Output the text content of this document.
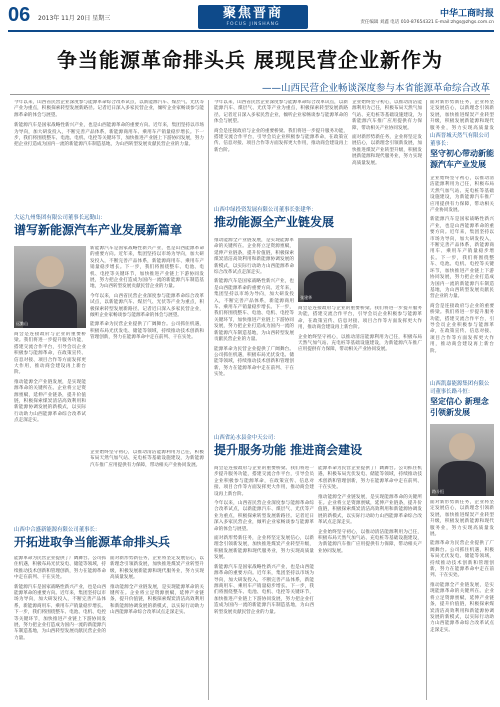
06 2013年 11月 20日 星期三	聚焦晋商
FOCUS JINSHANG
中华工商时报
责任编辑 刘鑫 电话 010-87654321 E-mail:zhgs@zhgs.com.cn
争当能源革命排头兵 展现民营企业新作为
——山西民营企业畅谈深度参与本省能源革命综合改革

今年以来，山西省民营企业深度参与能源革命综合改革试点，以新能源汽车、煤层气、光伏等产业为重点，积极探索转型发展新路径。记者近日深入多家民营企业，倾听企业家畅谈参与能源革命的体会与展望。

新能源汽车是国家战略性新兴产业，也是山西能源革命的重要方向。近年来，集团坚持以市场为导向，加大研发投入，不断完善产品体系，新能源商用车、乘用车产销量稳步增长。下一步，我们将围绕整车、电池、电机、电控等关键环节，加快推进产业链上下游协同发展，努力把企业打造成为国内一流的新能源汽车制造基地，为山西转型发展贡献民营企业的力量。

大运九州集团有限公司董事长远勤山：
谱写新能源汽车产业发展新篇章
远勤山

新能源汽车是国家战略性新兴产业，也是山西能源革命的重要方向。近年来，集团坚持以市场为导向，加大研发投入，不断完善产品体系，新能源商用车、乘用车产销量稳步增长。下一步，我们将围绕整车、电池、电机、电控等关键环节，加快推进产业链上下游协同发展，努力把企业打造成为国内一流的新能源汽车制造基地，为山西转型发展贡献民营企业的力量。

今年以来，山西省民营企业深度参与能源革命综合改革试点，以新能源汽车、煤层气、光伏等产业为重点，积极探索转型发展新路径。记者近日深入多家民营企业，倾听企业家畅谈参与能源革命的体会与展望。

能源革命为民营企业提供了广阔舞台。公司抓住机遇，积极布局光伏发电、储能等领域，持续推动技术创新和管理创新，努力在能源革命中走在前列、干在实处。

商会是连接政府与企业的重要桥梁。我们将进一步提升服务功能，搭建交流合作平台，引导会员企业积极参与能源革命，在政策宣传、信息对接、项目合作等方面发挥更大作用，推动商会建设再上新台阶。

推动能源全产业链发展，是实现能源革命的关键所在。企业将立足资源禀赋，延伸产业链条，提升价值链，积极探索煤炭清洁高效利用和新能源协调发展的新模式，以实际行动助力山西能源革命综合改革试点走深走实。

企业始终坚守初心，以推动清洁能源利用为己任，积极布局天然气加气站、充电桩等基础设施建设，为新能源汽车推广应用提供有力保障，带动相关产业协同发展。

山西中合盛新能源有限公司董事长：
开拓进取争当能源革命排头兵

能源革命为民营企业提供了广阔舞台。公司抓住机遇，积极布局光伏发电、储能等领域，持续推动技术创新和管理创新，努力在能源革命中走在前列、干在实处。

新能源汽车是国家战略性新兴产业，也是山西能源革命的重要方向。近年来，集团坚持以市场为导向，加大研发投入，不断完善产品体系，新能源商用车、乘用车产销量稳步增长。下一步，我们将围绕整车、电池、电机、电控等关键环节，加快推进产业链上下游协同发展，努力把企业打造成为国内一流的新能源汽车制造基地，为山西转型发展贡献民营企业的力量。

面对新形势新任务，企业将坚定发展信心，以新理念引领新发展，加快推进煤炭产业转型升级，积极发展新能源和现代服务业，努力实现高质量发展。

推动能源全产业链发展，是实现能源革命的关键所在。企业将立足资源禀赋，延伸产业链条，提升价值链，积极探索煤炭清洁高效利用和新能源协调发展的新模式，以实际行动助力山西能源革命综合改革试点走深走实。

今年以来，山西省民营企业深度参与能源革命综合改革试点，以新能源汽车、煤层气、光伏等产业为重点，积极探索转型发展新路径。记者近日深入多家民营企业，倾听企业家畅谈参与能源革命的体会与展望。

商会是连接政府与企业的重要桥梁。我们将进一步提升服务功能，搭建交流合作平台，引导会员企业积极参与能源革命，在政策宣传、信息对接、项目合作等方面发挥更大作用，推动商会建设再上新台阶。

企业始终坚守初心，以推动清洁能源利用为己任，积极布局天然气加气站、充电桩等基础设施建设，为新能源汽车推广应用提供有力保障，带动相关产业协同发展。

面对新形势新任务，企业将坚定发展信心，以新理念引领新发展，加快推进煤炭产业转型升级，积极发展新能源和现代服务业，努力实现高质量发展。

山西中绿投资发展有限公司董事长张建华：
推动能源全产业链发展

推动能源全产业链发展，是实现能源革命的关键所在。企业将立足资源禀赋，延伸产业链条，提升价值链，积极探索煤炭清洁高效利用和新能源协调发展的新模式，以实际行动助力山西能源革命综合改革试点走深走实。

新能源汽车是国家战略性新兴产业，也是山西能源革命的重要方向。近年来，集团坚持以市场为导向，加大研发投入，不断完善产品体系，新能源商用车、乘用车产销量稳步增长。下一步，我们将围绕整车、电池、电机、电控等关键环节，加快推进产业链上下游协同发展，努力把企业打造成为国内一流的新能源汽车制造基地，为山西转型发展贡献民营企业的力量。

能源革命为民营企业提供了广阔舞台。公司抓住机遇，积极布局光伏发电、储能等领域，持续推动技术创新和管理创新，努力在能源革命中走在前列、干在实处。

张建华

商会是连接政府与企业的重要桥梁。我们将进一步提升服务功能，搭建交流合作平台，引导会员企业积极参与能源革命，在政策宣传、信息对接、项目合作等方面发挥更大作用，推动商会建设再上新台阶。

企业始终坚守初心，以推动清洁能源利用为己任，积极布局天然气加气站、充电桩等基础设施建设，为新能源汽车推广应用提供有力保障，带动相关产业协同发展。

山西省沁水县金中天公司：
提升服务功能 推进商会建设

商会是连接政府与企业的重要桥梁。我们将进一步提升服务功能，搭建交流合作平台，引导会员企业积极参与能源革命，在政策宣传、信息对接、项目合作等方面发挥更大作用，推动商会建设再上新台阶。

今年以来，山西省民营企业深度参与能源革命综合改革试点，以新能源汽车、煤层气、光伏等产业为重点，积极探索转型发展新路径。记者近日深入多家民营企业，倾听企业家畅谈参与能源革命的体会与展望。

面对新形势新任务，企业将坚定发展信心，以新理念引领新发展，加快推进煤炭产业转型升级，积极发展新能源和现代服务业，努力实现高质量发展。

新能源汽车是国家战略性新兴产业，也是山西能源革命的重要方向。近年来，集团坚持以市场为导向，加大研发投入，不断完善产品体系，新能源商用车、乘用车产销量稳步增长。下一步，我们将围绕整车、电池、电机、电控等关键环节，加快推进产业链上下游协同发展，努力把企业打造成为国内一流的新能源汽车制造基地，为山西转型发展贡献民营企业的力量。

能源革命为民营企业提供了广阔舞台。公司抓住机遇，积极布局光伏发电、储能等领域，持续推动技术创新和管理创新，努力在能源革命中走在前列、干在实处。

推动能源全产业链发展，是实现能源革命的关键所在。企业将立足资源禀赋，延伸产业链条，提升价值链，积极探索煤炭清洁高效利用和新能源协调发展的新模式，以实际行动助力山西能源革命综合改革试点走深走实。

企业始终坚守初心，以推动清洁能源利用为己任，积极布局天然气加气站、充电桩等基础设施建设，为新能源汽车推广应用提供有力保障，带动相关产业协同发展。

面对新形势新任务，企业将坚定发展信心，以新理念引领新发展，加快推进煤炭产业转型升级，积极发展新能源和现代服务业，努力实现高质量发

山西晋城天然气有限公司董事长：
坚守初心带动新能源汽车产业发展

企业始终坚守初心，以推动清洁能源利用为己任，积极布局天然气加气站、充电桩等基础设施建设，为新能源汽车推广应用提供有力保障，带动相关产业协同发展。

新能源汽车是国家战略性新兴产业，也是山西能源革命的重要方向。近年来，集团坚持以市场为导向，加大研发投入，不断完善产品体系，新能源商用车、乘用车产销量稳步增长。下一步，我们将围绕整车、电池、电机、电控等关键环节，加快推进产业链上下游协同发展，努力把企业打造成为国内一流的新能源汽车制造基地，为山西转型发展贡献民营企业的力量。

商会是连接政府与企业的重要桥梁。我们将进一步提升服务功能，搭建交流合作平台，引导会员企业积极参与能源革命，在政策宣传、信息对接、项目合作等方面发挥更大作用，推动商会建设再上新台阶。

山西凯嘉能源集团有限公司董事长路斗恒：
坚定信心 新理念引领新发展
路斗恒

面对新形势新任务，企业将坚定发展信心，以新理念引领新发展，加快推进煤炭产业转型升级，积极发展新能源和现代服务业，努力实现高质量发展。

能源革命为民营企业提供了广阔舞台。公司抓住机遇，积极布局光伏发电、储能等领域，持续推动技术创新和管理创新，努力在能源革命中走在前列、干在实处。

推动能源全产业链发展，是实现能源革命的关键所在。企业将立足资源禀赋，延伸产业链条，提升价值链，积极探索煤炭清洁高效利用和新能源协调发展的新模式，以实际行动助力山西能源革命综合改革试点走深走实。
